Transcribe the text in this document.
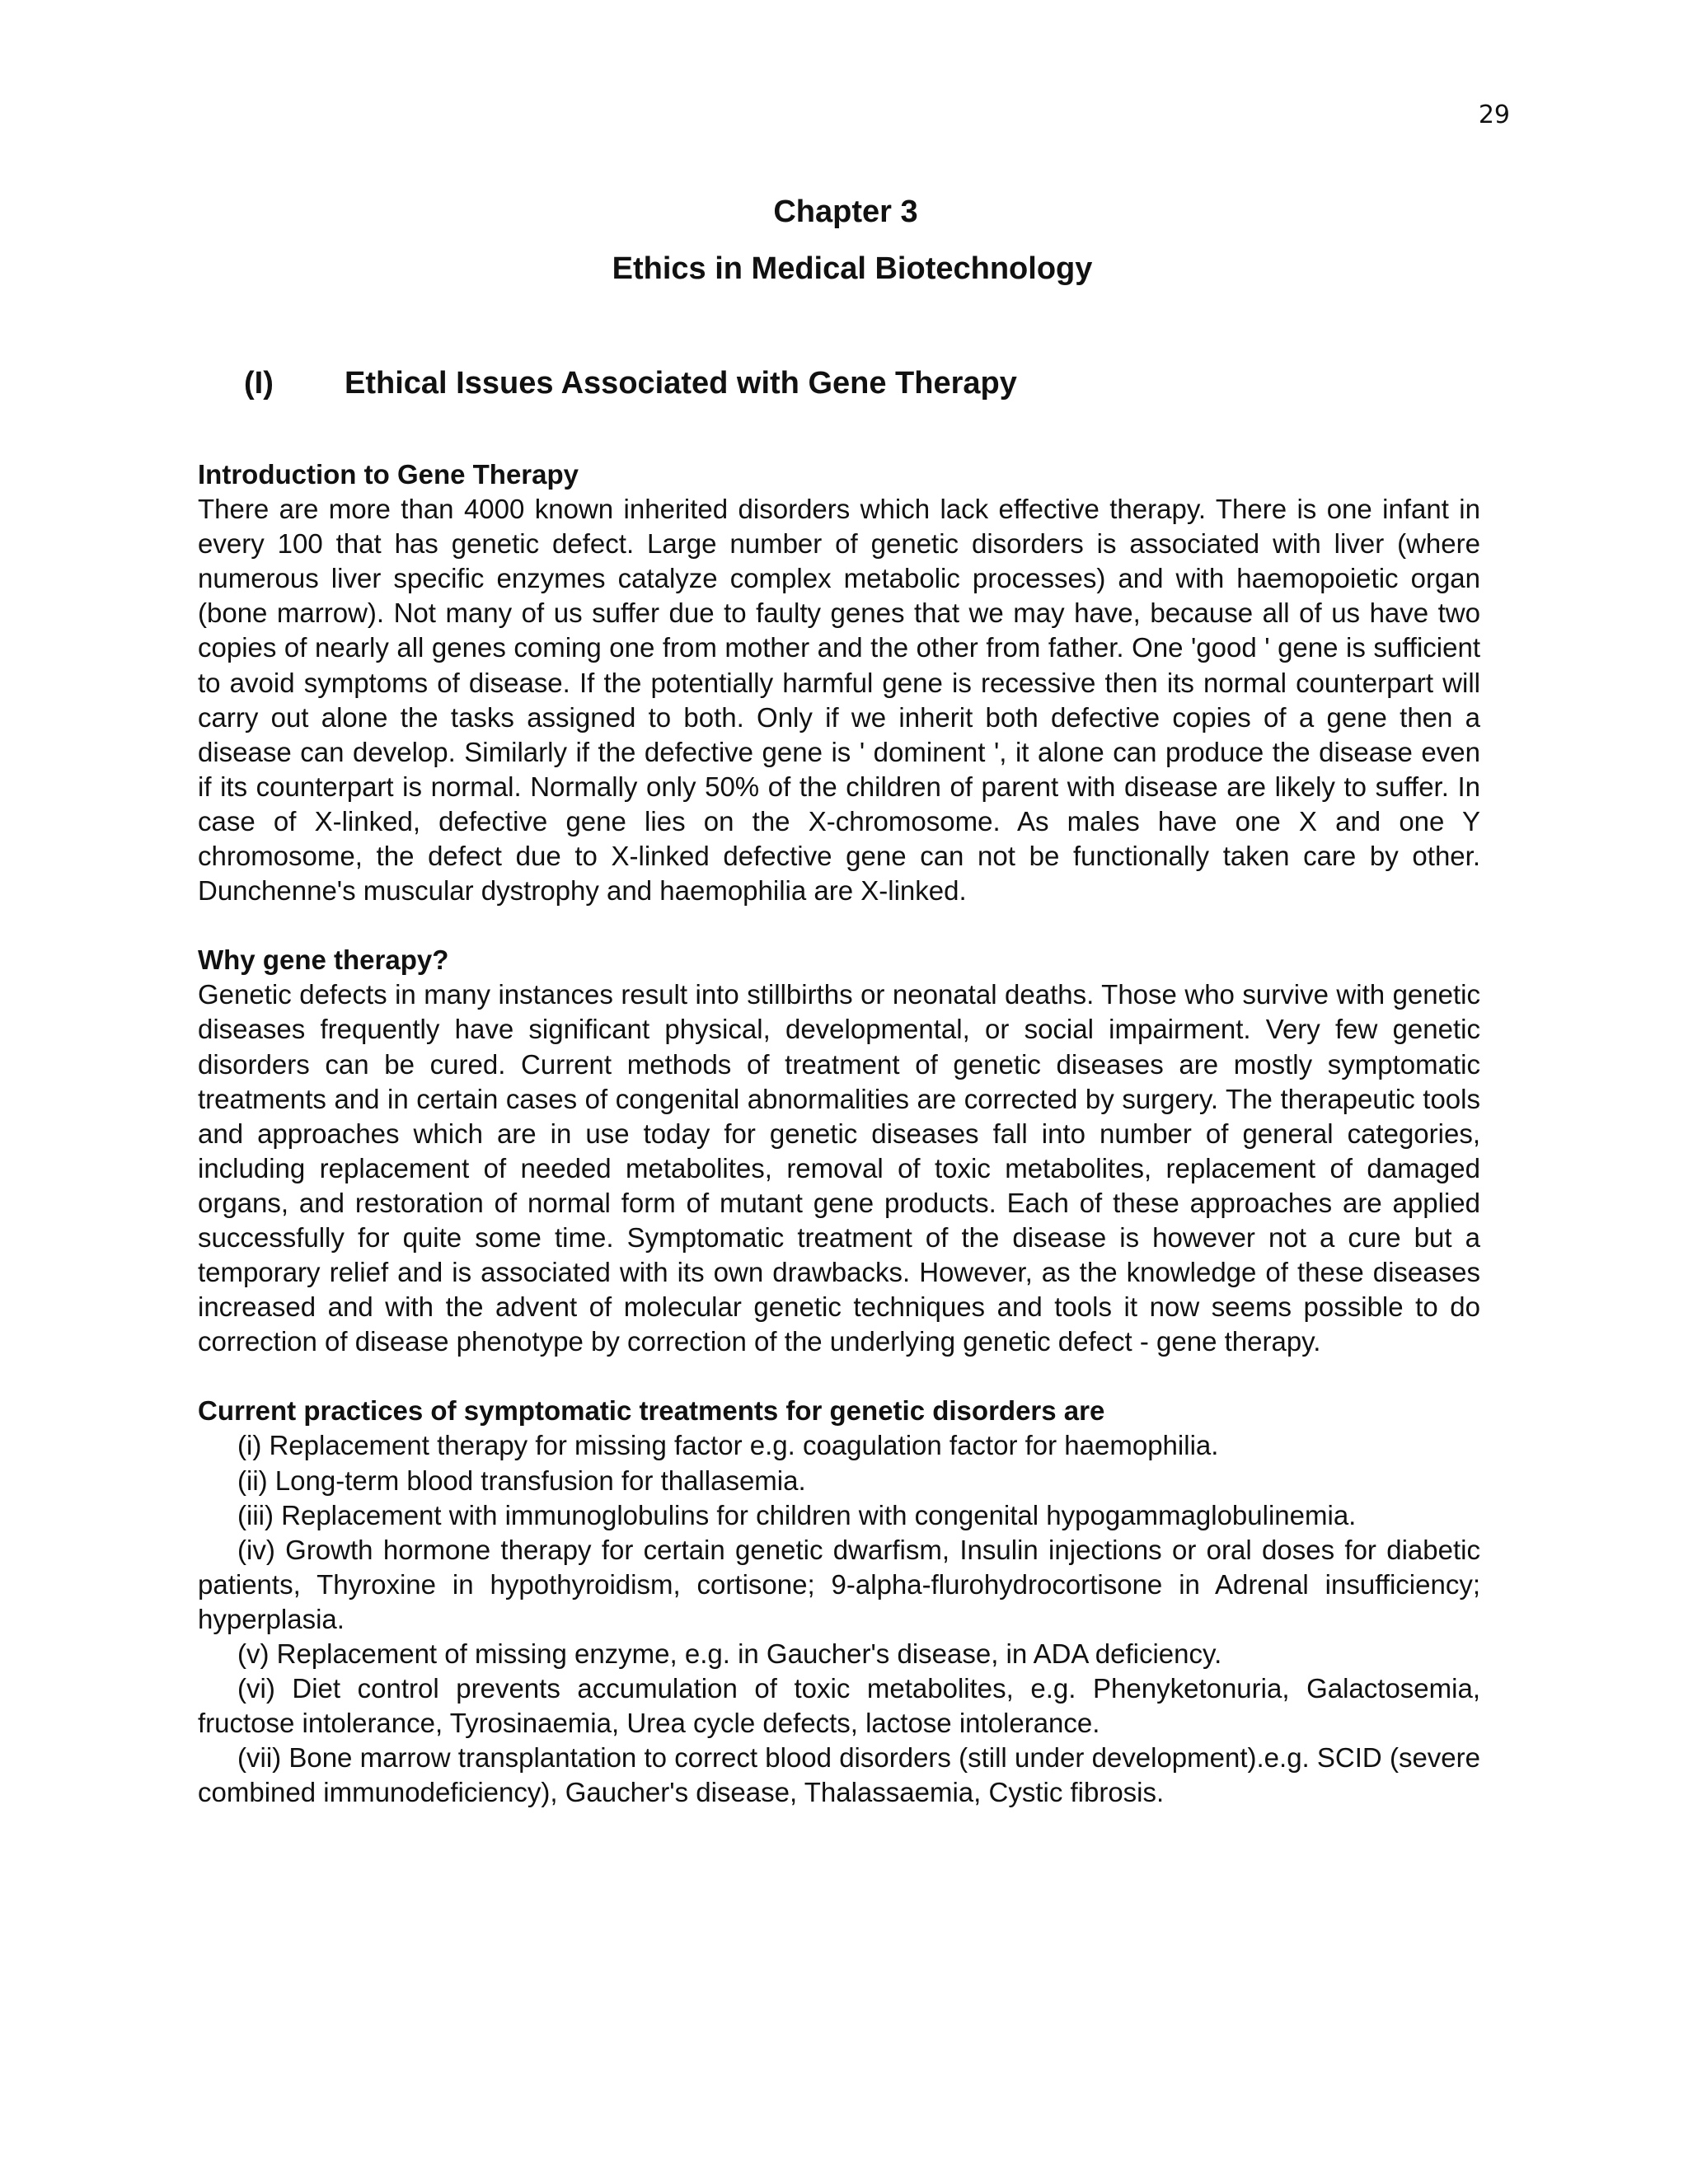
29
Chapter 3
Ethics in Medical Biotechnology
(I) Ethical Issues Associated with Gene Therapy
Introduction to Gene Therapy

There are more than 4000 known inherited disorders which lack effective therapy. There is one infant in every 100 that has genetic defect. Large number of genetic disorders is associated with liver (where numerous liver specific enzymes catalyze complex metabolic processes) and with haemopoietic organ (bone marrow). Not many of us suffer due to faulty genes that we may have, because all of us have two copies of nearly all genes coming one from mother and the other from father. One 'good ' gene is sufficient to avoid symptoms of disease. If the potentially harmful gene is recessive then its normal counterpart will carry out alone the tasks assigned to both. Only if we inherit both defective copies of a gene then a disease can develop. Similarly if the defective gene is ' dominent ', it alone can produce the disease even if its counterpart is normal. Normally only 50% of the children of parent with disease are likely to suffer. In case of X-linked, defective gene lies on the X-chromosome. As males have one X and one Y chromosome, the defect due to X-linked defective gene can not be functionally taken care by other. Dunchenne's muscular dystrophy and haemophilia are X-linked.

Why gene therapy?

Genetic defects in many instances result into stillbirths or neonatal deaths. Those who survive with genetic diseases frequently have significant physical, developmental, or social impairment. Very few genetic disorders can be cured. Current methods of treatment of genetic diseases are mostly symptomatic treatments and in certain cases of congenital abnormalities are corrected by surgery. The therapeutic tools and approaches which are in use today for genetic diseases fall into number of general categories, including replacement of needed metabolites, removal of toxic metabolites, replacement of damaged organs, and restoration of normal form of mutant gene products. Each of these approaches are applied successfully for quite some time. Symptomatic treatment of the disease is however not a cure but a temporary relief and is associated with its own drawbacks. However, as the knowledge of these diseases increased and with the advent of molecular genetic techniques and tools it now seems possible to do correction of disease phenotype by correction of the underlying genetic defect - gene therapy.

Current practices of symptomatic treatments for genetic disorders are

(i) Replacement therapy for missing factor e.g. coagulation factor for haemophilia.

(ii) Long-term blood transfusion for thallasemia.

(iii) Replacement with immunoglobulins for children with congenital hypogammaglobulinemia.

(iv) Growth hormone therapy for certain genetic dwarfism, Insulin injections or oral doses for diabetic patients, Thyroxine in hypothyroidism, cortisone; 9-alpha-flurohydrocortisone in Adrenal insufficiency; hyperplasia.

(v) Replacement of missing enzyme, e.g. in Gaucher's disease, in ADA deficiency.

(vi) Diet control prevents accumulation of toxic metabolites, e.g. Phenyketonuria, Galactosemia, fructose intolerance, Tyrosinaemia, Urea cycle defects, lactose intolerance.

(vii) Bone marrow transplantation to correct blood disorders (still under development).e.g. SCID (severe combined immunodeficiency), Gaucher's disease, Thalassaemia, Cystic fibrosis.
